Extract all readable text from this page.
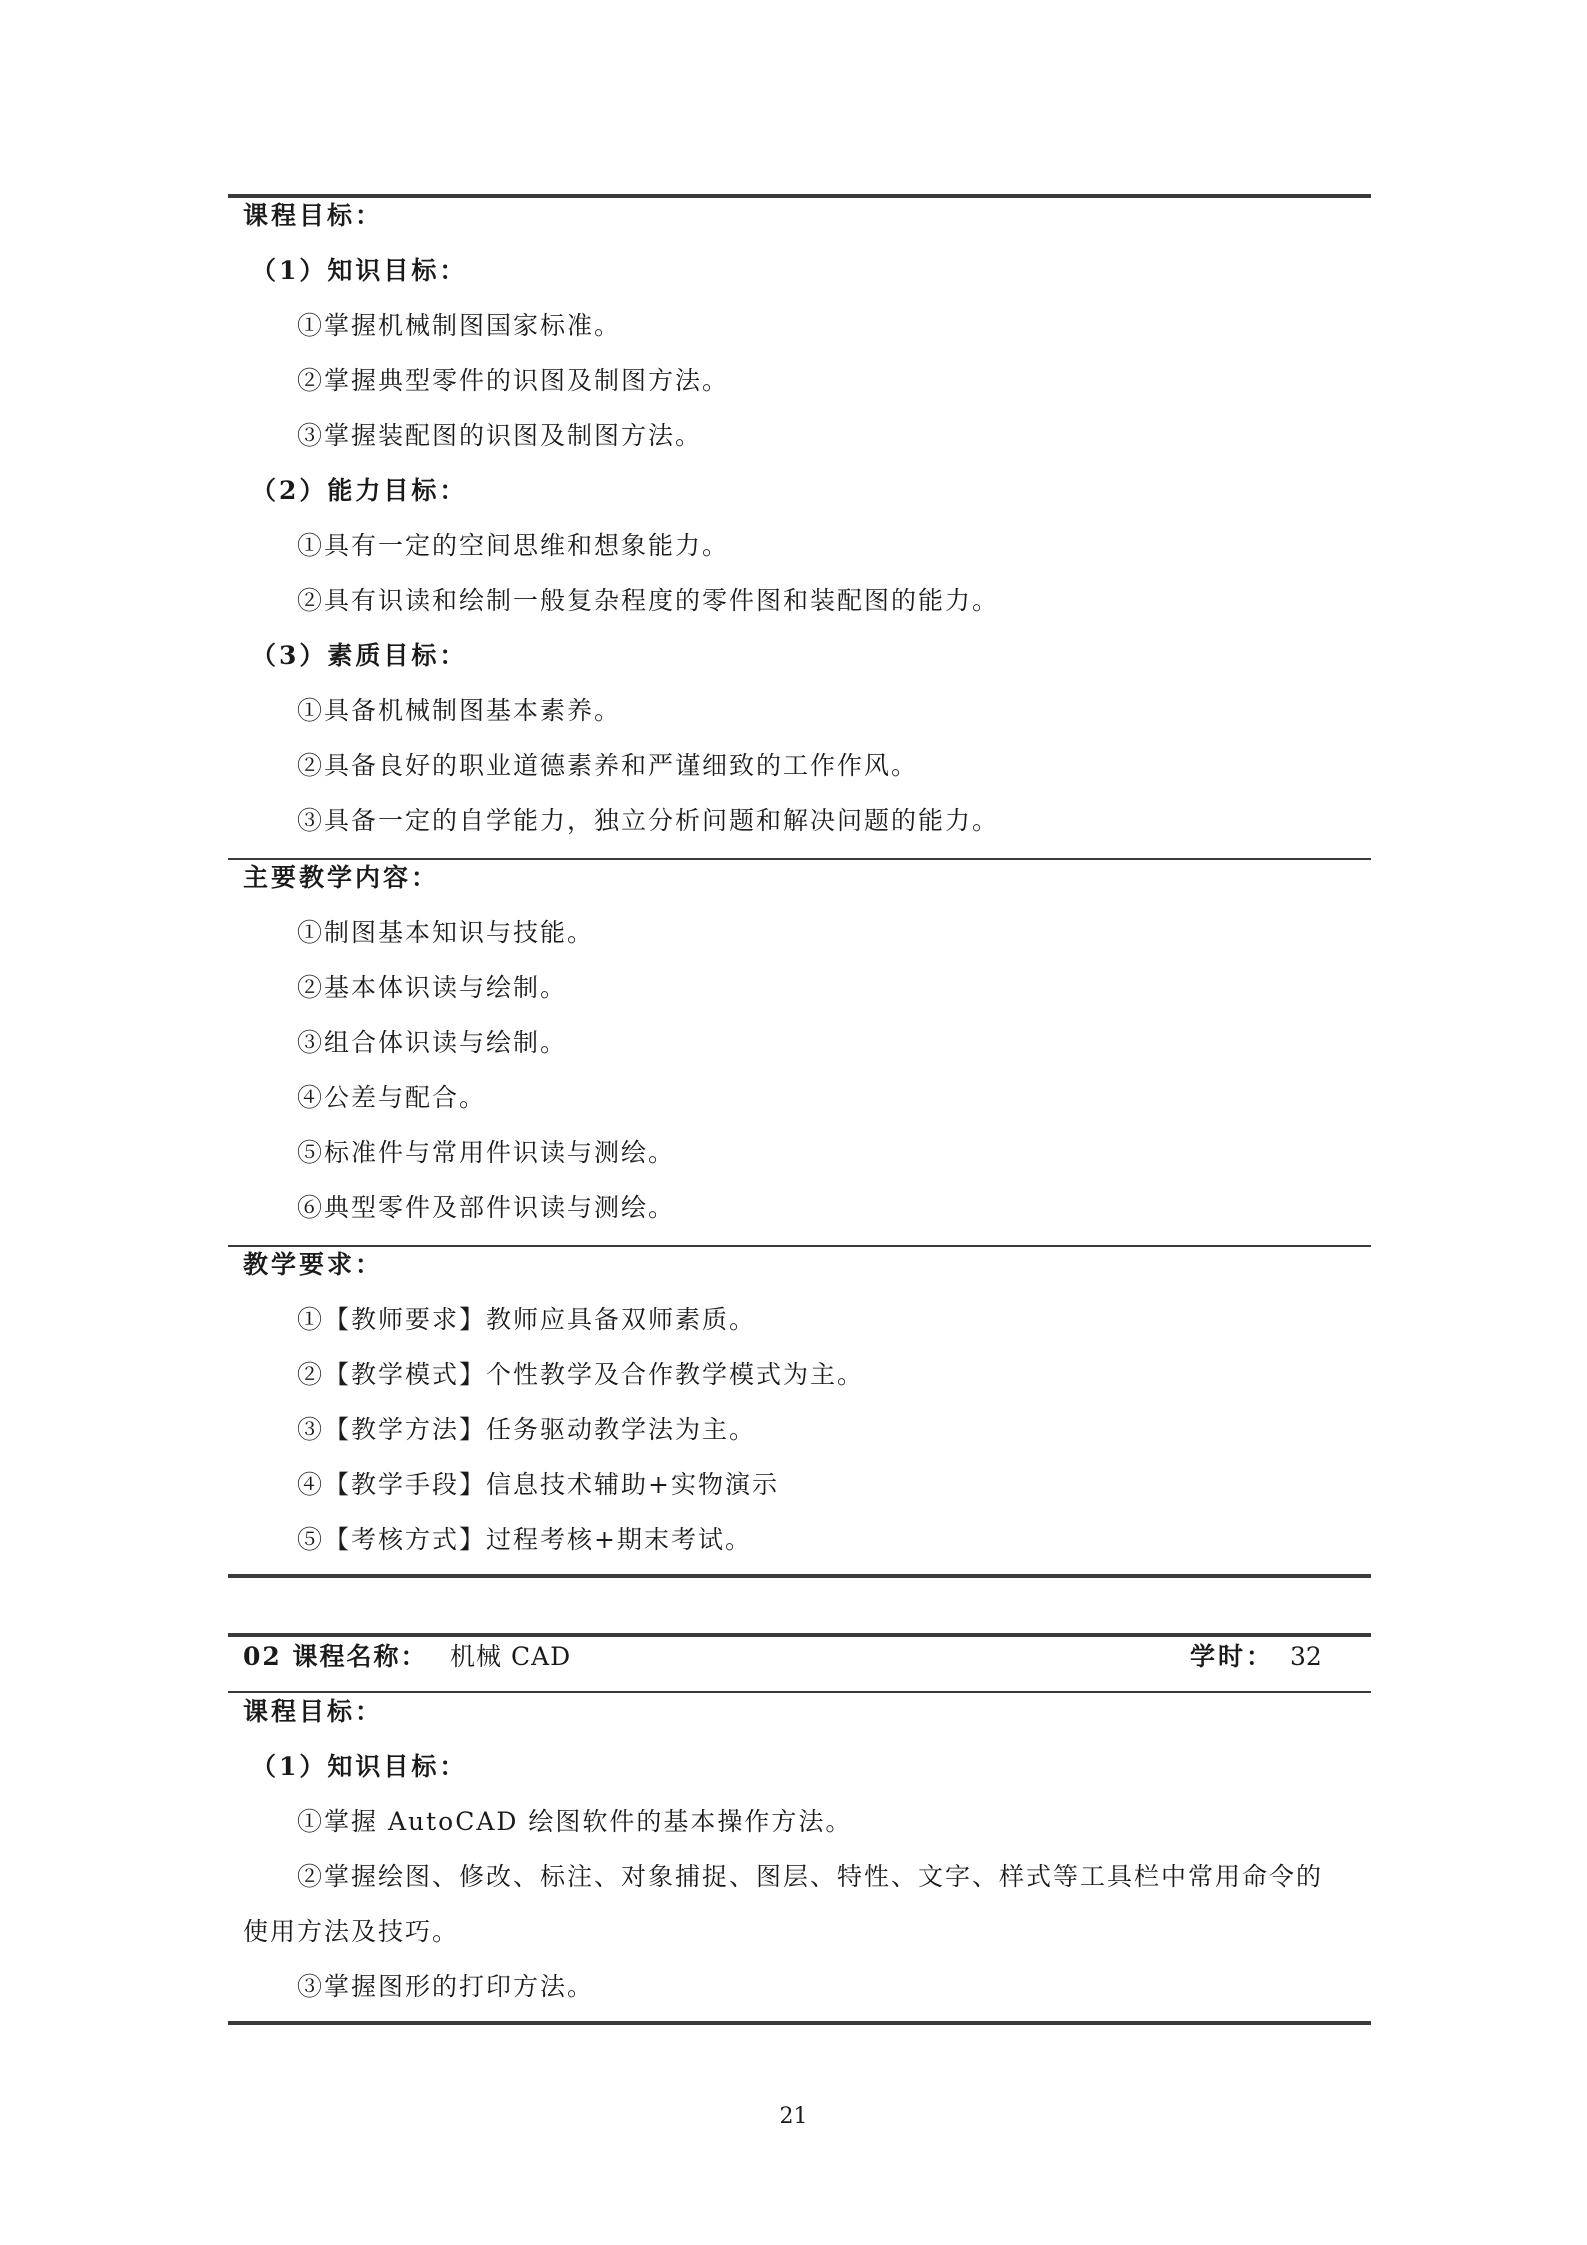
课程目标：
（1）知识目标：
①掌握机械制图国家标准。
②掌握典型零件的识图及制图方法。
③掌握装配图的识图及制图方法。
（2）能力目标：
①具有一定的空间思维和想象能力。
②具有识读和绘制一般复杂程度的零件图和装配图的能力。
（3）素质目标：
①具备机械制图基本素养。
②具备良好的职业道德素养和严谨细致的工作作风。
③具备一定的自学能力，独立分析问题和解决问题的能力。
主要教学内容：
①制图基本知识与技能。
②基本体识读与绘制。
③组合体识读与绘制。
④公差与配合。
⑤标准件与常用件识读与测绘。
⑥典型零件及部件识读与测绘。
教学要求：
①【教师要求】教师应具备双师素质。
②【教学模式】个性教学及合作教学模式为主。
③【教学方法】任务驱动教学法为主。
④【教学手段】信息技术辅助+实物演示
⑤【考核方式】过程考核+期末考试。
02 课程名称： 机械 CAD	学时： 32
课程目标：
（1）知识目标：
①掌握 AutoCAD 绘图软件的基本操作方法。
②掌握绘图、修改、标注、对象捕捉、图层、特性、文字、样式等工具栏中常用命令的
使用方法及技巧。
③掌握图形的打印方法。
21
